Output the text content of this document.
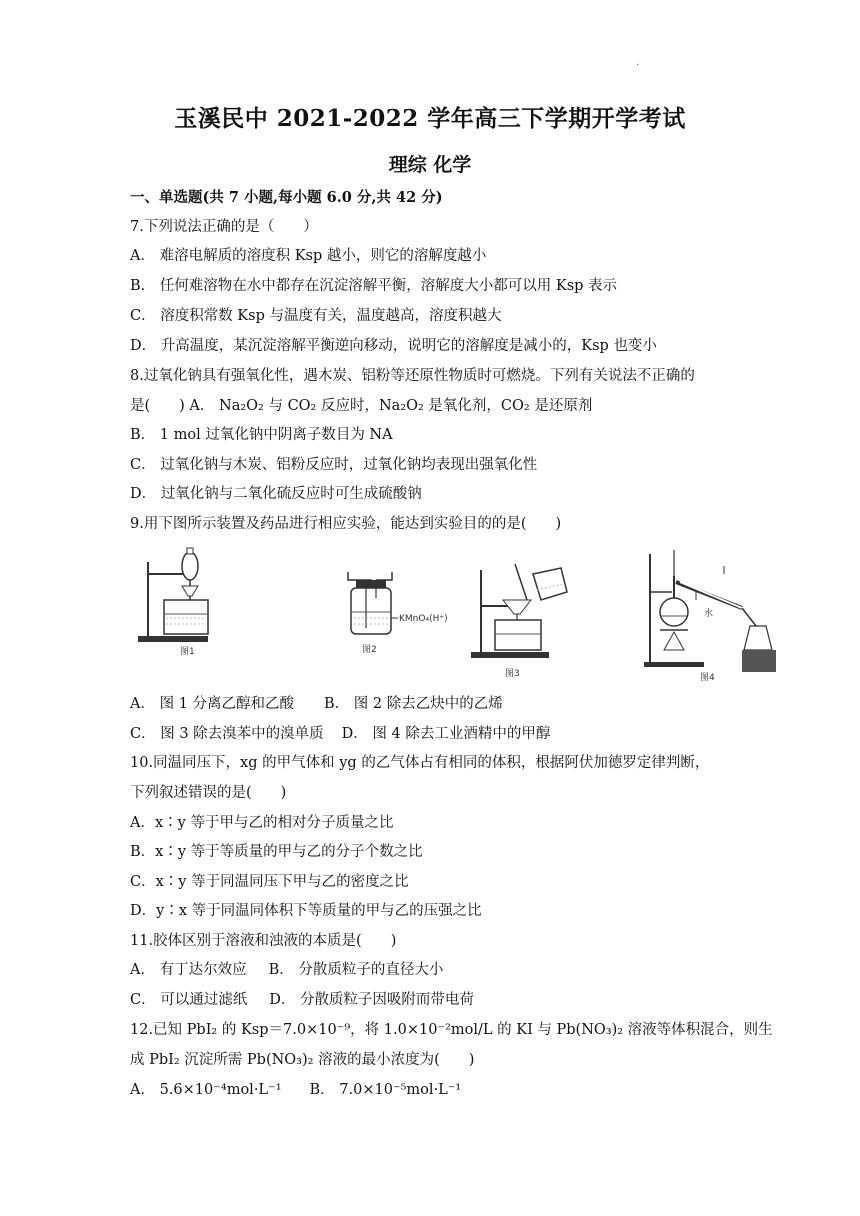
·
玉溪民中 2021-2022 学年高三下学期开学考试
理综 化学
一、单选题(共 7 小题,每小题 6.0 分,共 42 分)
7.下列说法正确的是（　　）
A． 难溶电解质的溶度积 Ksp 越小，则它的溶解度越小
B． 任何难溶物在水中都存在沉淀溶解平衡，溶解度大小都可以用 Ksp 表示
C． 溶度积常数 Ksp 与温度有关，温度越高，溶度积越大
D． 升高温度，某沉淀溶解平衡逆向移动，说明它的溶解度是减小的，Ksp 也变小
8.过氧化钠具有强氧化性，遇木炭、铝粉等还原性物质时可燃烧。下列有关说法不正确的
是(　　) A． Na₂O₂ 与 CO₂ 反应时，Na₂O₂ 是氧化剂，CO₂ 是还原剂
B． 1 mol 过氧化钠中阴离子数目为 NA
C． 过氧化钠与木炭、铝粉反应时，过氧化钠均表现出强氧化性
D． 过氧化钠与二氧化硫反应时可生成硫酸钠
9.用下图所示装置及药品进行相应实验，能达到实验目的的是(　　)
图1
KMnO₄(H⁺)
图2
图3
水
图4
A． 图 1 分离乙醇和乙酸 B． 图 2 除去乙炔中的乙烯
C． 图 3 除去溴苯中的溴单质 D． 图 4 除去工业酒精中的甲醇
10.同温同压下，xg 的甲气体和 yg 的乙气体占有相同的体积，根据阿伏加德罗定律判断，
下列叙述错误的是(　　)
A．x∶y 等于甲与乙的相对分子质量之比
B．x∶y 等于等质量的甲与乙的分子个数之比
C．x∶y 等于同温同压下甲与乙的密度之比
D．y∶x 等于同温同体积下等质量的甲与乙的压强之比
11.胶体区别于溶液和浊液的本质是(　　)
A． 有丁达尔效应 B． 分散质粒子的直径大小
C． 可以通过滤纸 D． 分散质粒子因吸附而带电荷
12.已知 PbI₂ 的 Ksp＝7.0×10⁻⁹，将 1.0×10⁻²mol/L 的 KI 与 Pb(NO₃)₂ 溶液等体积混合，则生
成 PbI₂ 沉淀所需 Pb(NO₃)₂ 溶液的最小浓度为(　　)
A． 5.6×10⁻⁴mol·L⁻¹ B． 7.0×10⁻⁵mol·L⁻¹
